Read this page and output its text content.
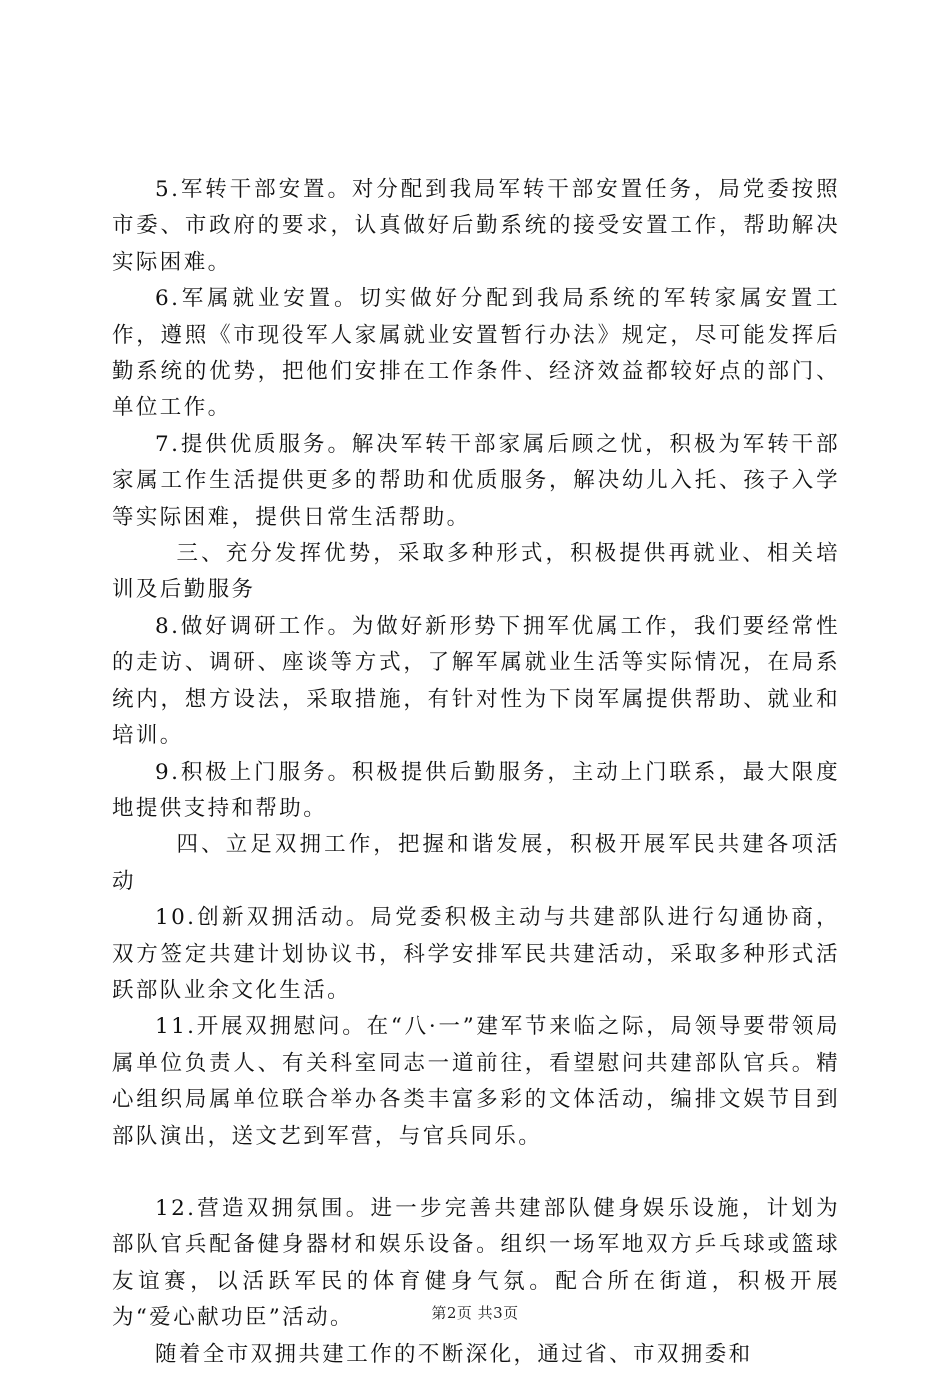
5.军转干部安置。对分配到我局军转干部安置任务，局党委按照市委、市政府的要求，认真做好后勤系统的接受安置工作，帮助解决实际困难。

6.军属就业安置。切实做好分配到我局系统的军转家属安置工作，遵照《市现役军人家属就业安置暂行办法》规定，尽可能发挥后勤系统的优势，把他们安排在工作条件、经济效益都较好点的部门、单位工作。

7.提供优质服务。解决军转干部家属后顾之忧，积极为军转干部家属工作生活提供更多的帮助和优质服务，解决幼儿入托、孩子入学等实际困难，提供日常生活帮助。

三、充分发挥优势，采取多种形式，积极提供再就业、相关培训及后勤服务

8.做好调研工作。为做好新形势下拥军优属工作，我们要经常性的走访、调研、座谈等方式，了解军属就业生活等实际情况，在局系统内，想方设法，采取措施，有针对性为下岗军属提供帮助、就业和培训。

9.积极上门服务。积极提供后勤服务，主动上门联系，最大限度地提供支持和帮助。

四、立足双拥工作，把握和谐发展，积极开展军民共建各项活动

10.创新双拥活动。局党委积极主动与共建部队进行勾通协商，双方签定共建计划协议书，科学安排军民共建活动，采取多种形式活跃部队业余文化生活。

11.开展双拥慰问。在“八·一”建军节来临之际，局领导要带领局属单位负责人、有关科室同志一道前往，看望慰问共建部队官兵。精心组织局属单位联合举办各类丰富多彩的文体活动，编排文娱节目到部队演出，送文艺到军营，与官兵同乐。

12.营造双拥氛围。进一步完善共建部队健身娱乐设施，计划为部队官兵配备健身器材和娱乐设备。组织一场军地双方乒乓球或篮球友谊赛，以活跃军民的体育健身气氛。配合所在街道，积极开展为“爱心献功臣”活动。

随着全市双拥共建工作的不断深化，通过省、市双拥委和

第2页 共3页
